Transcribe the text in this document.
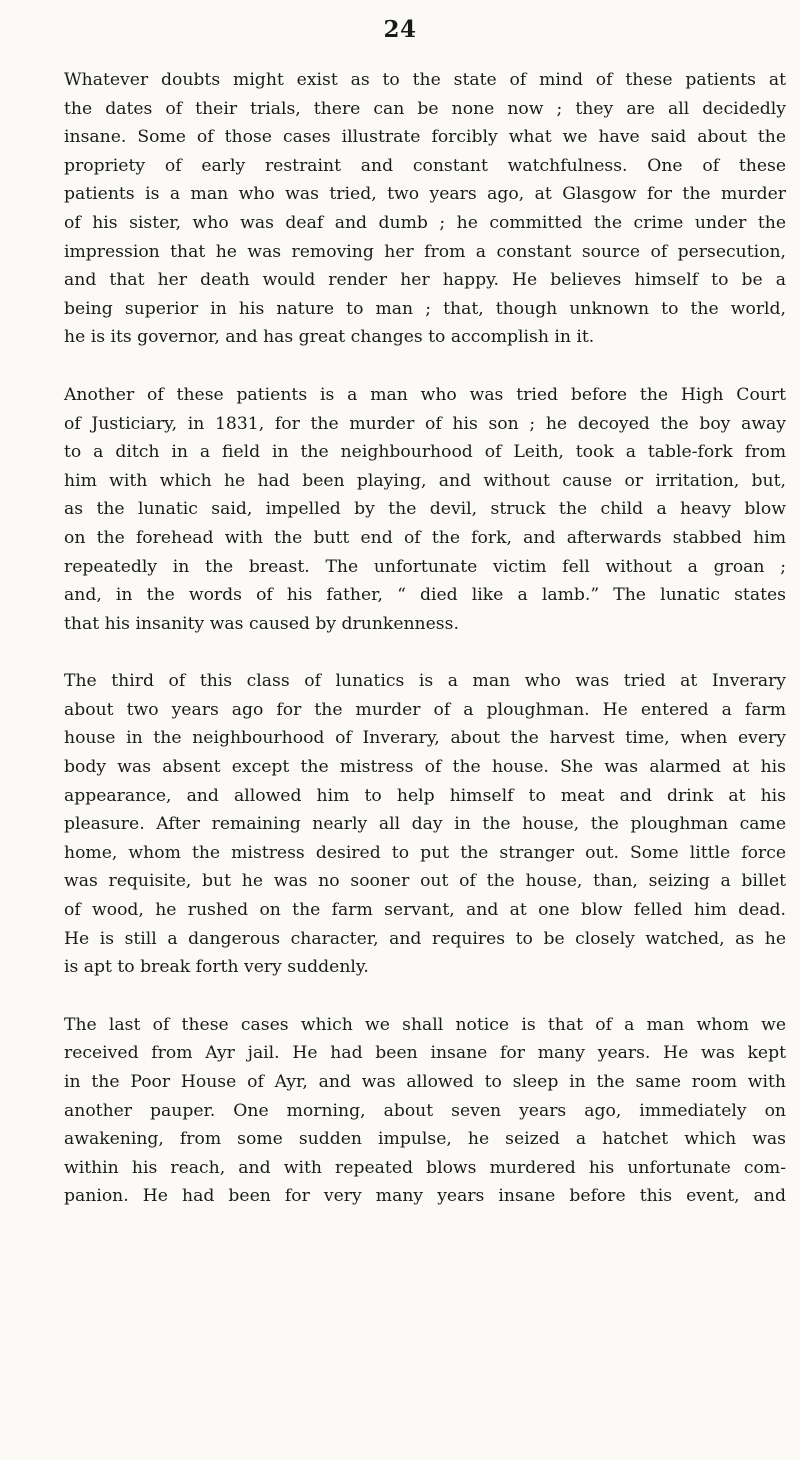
24
Whatever doubts might exist as to the state of mind of these patients at
the dates of their trials, there can be none now ; they are all decidedly
insane. Some of those cases illustrate forcibly what we have said about the
propriety of early restraint and constant watchfulness. One of these
patients is a man who was tried, two years ago, at Glasgow for the murder
of his sister, who was deaf and dumb ; he committed the crime under the
impression that he was removing her from a constant source of persecution,
and that her death would render her happy. He believes himself to be a
being superior in his nature to man ; that, though unknown to the world,
he is its governor, and has great changes to accomplish in it.
Another of these patients is a man who was tried before the High Court
of Justiciary, in 1831, for the murder of his son ; he decoyed the boy away
to a ditch in a field in the neighbourhood of Leith, took a table-fork from
him with which he had been playing, and without cause or irritation, but,
as the lunatic said, impelled by the devil, struck the child a heavy blow
on the forehead with the butt end of the fork, and afterwards stabbed him
repeatedly in the breast. The unfortunate victim fell without a groan ;
and, in the words of his father, “ died like a lamb.” The lunatic states
that his insanity was caused by drunkenness.
The third of this class of lunatics is a man who was tried at Inverary
about two years ago for the murder of a ploughman. He entered a farm
house in the neighbourhood of Inverary, about the harvest time, when every
body was absent except the mistress of the house. She was alarmed at his
appearance, and allowed him to help himself to meat and drink at his
pleasure. After remaining nearly all day in the house, the ploughman came
home, whom the mistress desired to put the stranger out. Some little force
was requisite, but he was no sooner out of the house, than, seizing a billet
of wood, he rushed on the farm servant, and at one blow felled him dead.
He is still a dangerous character, and requires to be closely watched, as he
is apt to break forth very suddenly.
The last of these cases which we shall notice is that of a man whom we
received from Ayr jail. He had been insane for many years. He was kept
in the Poor House of Ayr, and was allowed to sleep in the same room with
another pauper. One morning, about seven years ago, immediately on
awakening, from some sudden impulse, he seized a hatchet which was
within his reach, and with repeated blows murdered his unfortunate com-
panion. He had been for very many years insane before this event, and
